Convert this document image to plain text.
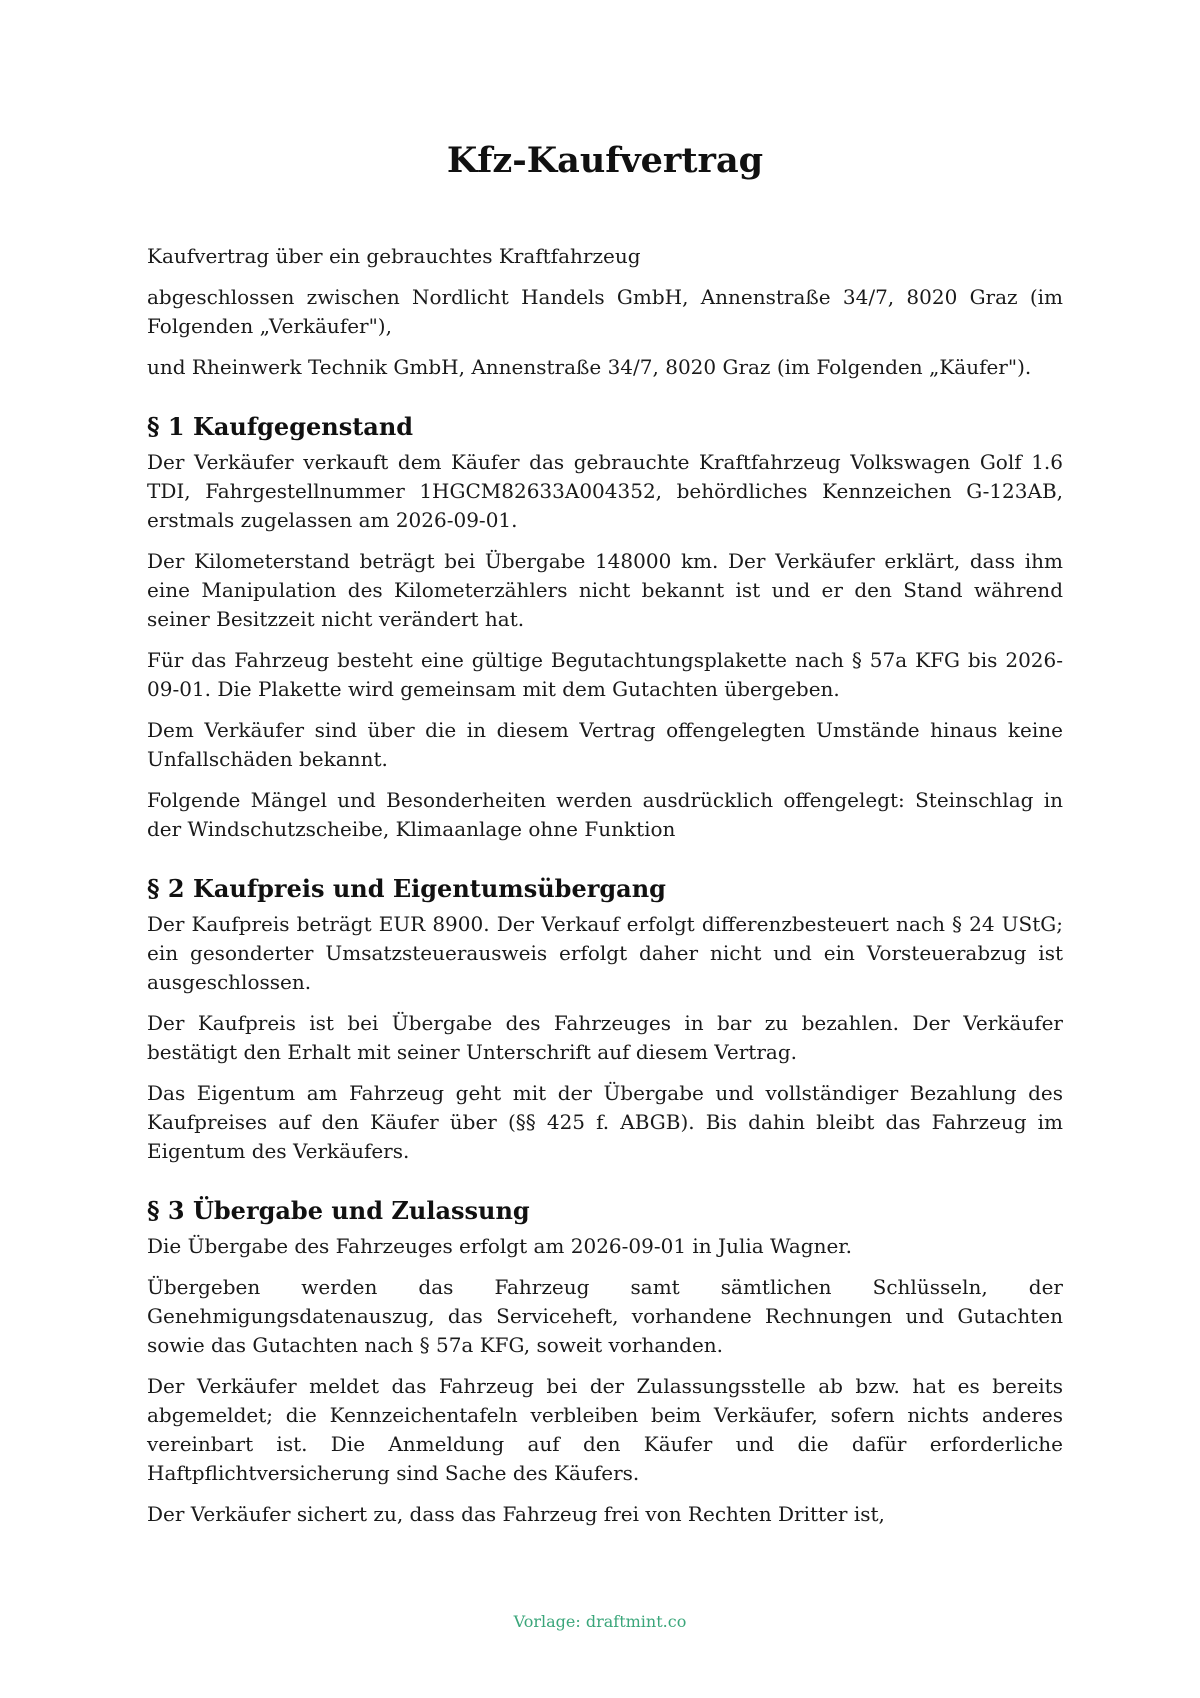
Kfz-Kaufvertrag

Kaufvertrag über ein gebrauchtes Kraftfahrzeug

abgeschlossen zwischen Nordlicht Handels GmbH, Annenstraße 34/7, 8020 Graz (im Folgenden „Verkäufer"),

und Rheinwerk Technik GmbH, Annenstraße 34/7, 8020 Graz (im Folgenden „Käufer").

§ 1 Kaufgegenstand

Der Verkäufer verkauft dem Käufer das gebrauchte Kraftfahrzeug Volkswagen Golf 1.6 TDI, Fahrgestellnummer 1HGCM82633A004352, behördliches Kennzeichen G-123AB, erstmals zugelassen am 2026-09-01.

Der Kilometerstand beträgt bei Übergabe 148000 km. Der Verkäufer erklärt, dass ihm eine Manipulation des Kilometerzählers nicht bekannt ist und er den Stand während seiner Besitzzeit nicht verändert hat.

Für das Fahrzeug besteht eine gültige Begutachtungsplakette nach § 57a KFG bis 2026-09-01. Die Plakette wird gemeinsam mit dem Gutachten übergeben.

Dem Verkäufer sind über die in diesem Vertrag offengelegten Umstände hinaus keine Unfallschäden bekannt.

Folgende Mängel und Besonderheiten werden ausdrücklich offengelegt: Steinschlag in der Windschutzscheibe, Klimaanlage ohne Funktion

§ 2 Kaufpreis und Eigentumsübergang

Der Kaufpreis beträgt EUR 8900. Der Verkauf erfolgt differenzbesteuert nach § 24 UStG; ein gesonderter Umsatzsteuerausweis erfolgt daher nicht und ein Vorsteuerabzug ist ausgeschlossen.

Der Kaufpreis ist bei Übergabe des Fahrzeuges in bar zu bezahlen. Der Verkäufer bestätigt den Erhalt mit seiner Unterschrift auf diesem Vertrag.

Das Eigentum am Fahrzeug geht mit der Übergabe und vollständiger Bezahlung des Kaufpreises auf den Käufer über (§§ 425 f. ABGB). Bis dahin bleibt das Fahrzeug im Eigentum des Verkäufers.

§ 3 Übergabe und Zulassung

Die Übergabe des Fahrzeuges erfolgt am 2026-09-01 in Julia Wagner.

Übergeben werden das Fahrzeug samt sämtlichen Schlüsseln, der Genehmigungsdatenauszug, das Serviceheft, vorhandene Rechnungen und Gutachten sowie das Gutachten nach § 57a KFG, soweit vorhanden.

Der Verkäufer meldet das Fahrzeug bei der Zulassungsstelle ab bzw. hat es bereits abgemeldet; die Kennzeichentafeln verbleiben beim Verkäufer, sofern nichts anderes vereinbart ist. Die Anmeldung auf den Käufer und die dafür erforderliche Haftpflichtversicherung sind Sache des Käufers.

Der Verkäufer sichert zu, dass das Fahrzeug frei von Rechten Dritter ist,

Vorlage: draftmint.co
